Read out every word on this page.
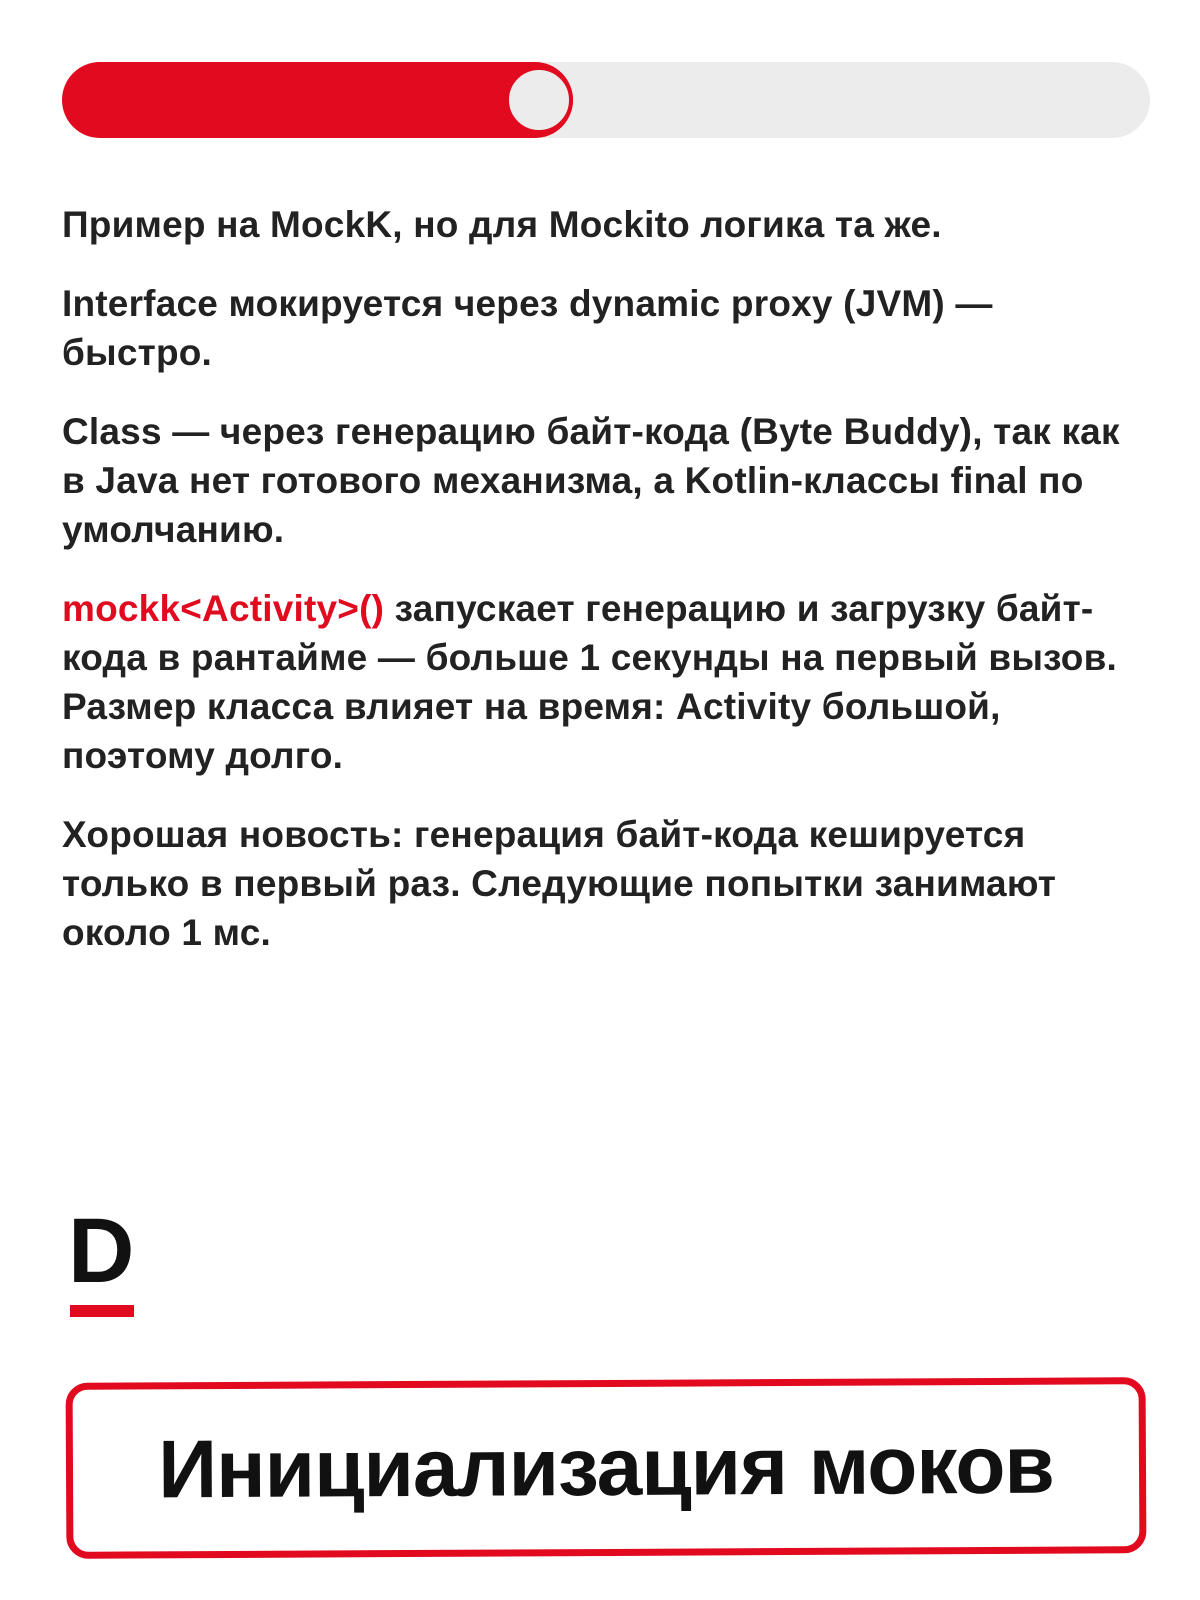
Пример на MockK, но для Mockito логика та же.

Interface мокируется через dynamic proxy (JVM) — быстро.

Class — через генерацию байт-кода (Byte Buddy), так как в Java нет готового механизма, а Kotlin-классы final по умолчанию.

mockk<Activity>() запускает генерацию и загрузку байт-кода в рантайме — больше 1 секунды на первый вызов. Размер класса влияет на время: Activity большой, поэтому долго.

Хорошая новость: генерация байт-кода кешируется только в первый раз. Следующие попытки занимают около 1 мс.

D
Инициализация моков
